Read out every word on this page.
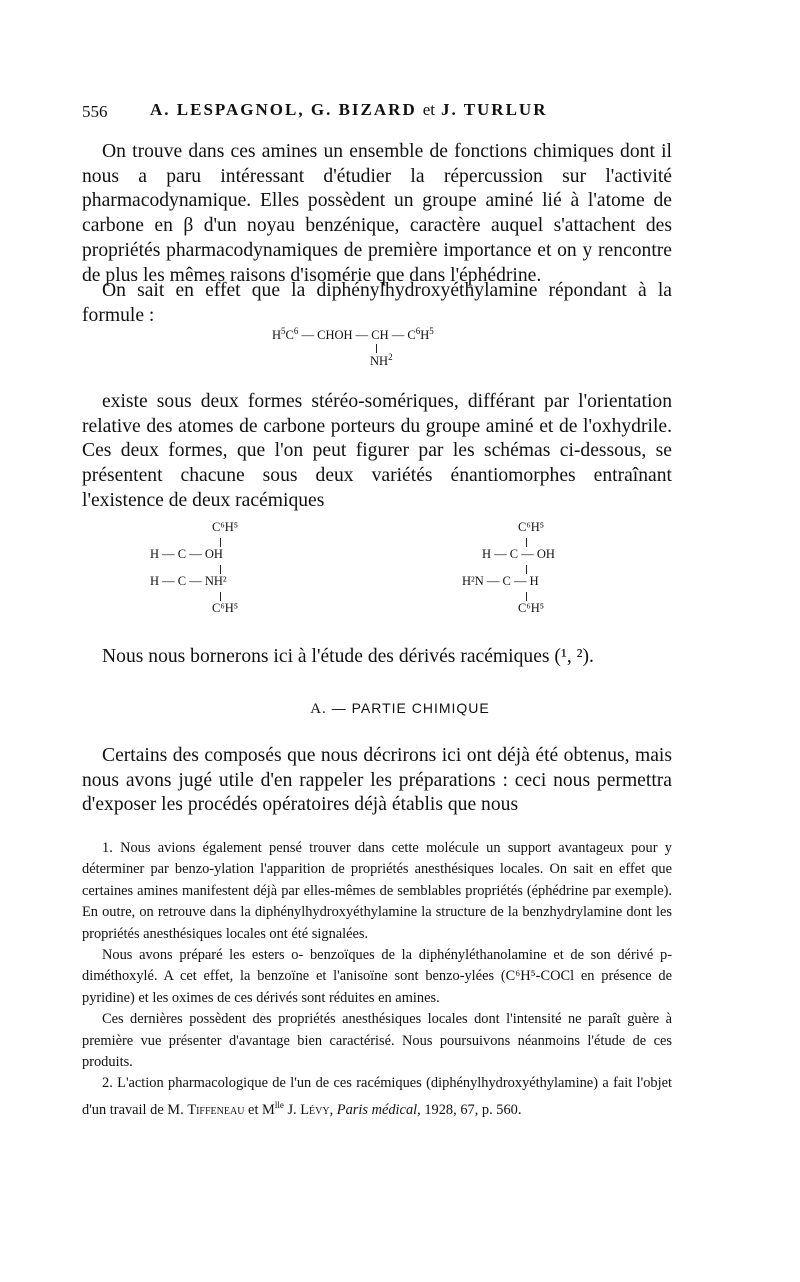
556	A. LESPAGNOL, G. BIZARD et J. TURLUR

On trouve dans ces amines un ensemble de fonctions chimiques dont il nous a paru intéressant d'étudier la répercussion sur l'activité pharmacodynamique. Elles possèdent un groupe aminé lié à l'atome de carbone en β d'un noyau benzénique, caractère auquel s'attachent des propriétés pharmacodynamiques de première importance et on y rencontre de plus les mêmes raisons d'isomérie que dans l'éphédrine.

On sait en effet que la diphénylhydroxyéthylamine répondant à la formule :

$H^5C^6$ — CHOH — CH — $C^6H^5$
$NH^2$

existe sous deux formes stéréo-somériques, différant par l'orientation relative des atomes de carbone porteurs du groupe aminé et de l'oxhydrile. Ces deux formes, que l'on peut figurer par les schémas ci-dessous, se présentent chacune sous deux variétés énantiomorphes entraînant l'existence de deux racémiques

C⁶H⁵
H — C — OH
H — C — NH²
C⁶H⁵
C⁶H⁵
H — C — OH
H²N — C — H
C⁶H⁵

Nous nous bornerons ici à l'étude des dérivés racémiques (¹, ²).

A. — PARTIE CHIMIQUE

Certains des composés que nous décrirons ici ont déjà été obtenus, mais nous avons jugé utile d'en rappeler les préparations : ceci nous permettra d'exposer les procédés opératoires déjà établis que nous

1. Nous avions également pensé trouver dans cette molécule un support avantageux pour y déterminer par benzo-ylation l'apparition de propriétés anesthésiques locales. On sait en effet que certaines amines manifestent déjà par elles-mêmes de semblables propriétés (éphédrine par exemple). En outre, on retrouve dans la diphénylhydroxyéthylamine la structure de la benzhydrylamine dont les propriétés anesthésiques locales ont été signalées.

Nous avons préparé les esters o- benzoïques de la diphényléthanolamine et de son dérivé p-diméthoxylé. A cet effet, la benzoïne et l'anisoïne sont benzo-ylées (C⁶H⁵-COCl en présence de pyridine) et les oximes de ces dérivés sont réduites en amines.

Ces dernières possèdent des propriétés anesthésiques locales dont l'intensité ne paraît guère à première vue présenter d'avantage bien caractérisé. Nous poursuivons néanmoins l'étude de ces produits.

2. L'action pharmacologique de l'un de ces racémiques (diphénylhydroxyéthylamine) a fait l'objet d'un travail de M. Tiffeneau et $M^{lle}$ J. Lévy, Paris médical, 1928, 67, p. 560.
